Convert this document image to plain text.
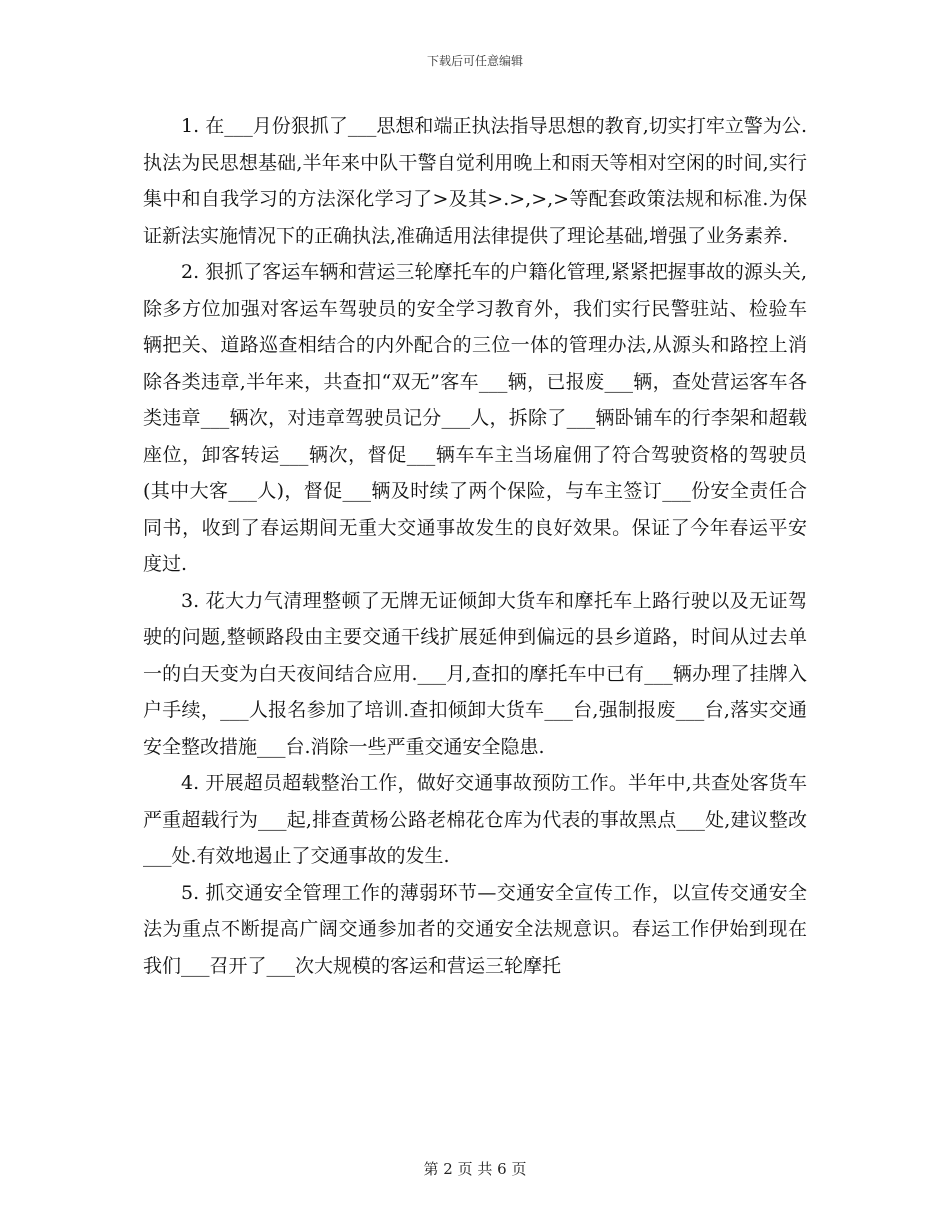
下载后可任意编辑

1. 在___月份狠抓了___思想和端正执法指导思想的教育,切实打牢立警为公.执法为民思想基础,半年来中队干警自觉利用晚上和雨天等相对空闲的时间,实行集中和自我学习的方法深化学习了>及其>.>,>,>等配套政策法规和标准.为保证新法实施情况下的正确执法,准确适用法律提供了理论基础,增强了业务素养.

2. 狠抓了客运车辆和营运三轮摩托车的户籍化管理,紧紧把握事故的源头关,除多方位加强对客运车驾驶员的安全学习教育外，我们实行民警驻站、检验车辆把关、道路巡查相结合的内外配合的三位一体的管理办法,从源头和路控上消除各类违章,半年来，共查扣“双无”客车___辆，已报废___辆，查处营运客车各类违章___辆次，对违章驾驶员记分___人，拆除了___辆卧铺车的行李架和超载座位，卸客转运___辆次，督促___辆车车主当场雇佣了符合驾驶资格的驾驶员(其中大客___人)，督促___辆及时续了两个保险，与车主签订___份安全责任合同书，收到了春运期间无重大交通事故发生的良好效果。保证了今年春运平安度过.

3. 花大力气清理整顿了无牌无证倾卸大货车和摩托车上路行驶以及无证驾驶的问题,整顿路段由主要交通干线扩展延伸到偏远的县乡道路，时间从过去单一的白天变为白天夜间结合应用.___月,查扣的摩托车中已有___辆办理了挂牌入户手续，___人报名参加了培训.查扣倾卸大货车___台,强制报废___台,落实交通安全整改措施___台.消除一些严重交通安全隐患.

4. 开展超员超载整治工作，做好交通事故预防工作。半年中,共查处客货车严重超载行为___起,排查黄杨公路老棉花仓库为代表的事故黑点___处,建议整改___处.有效地遏止了交通事故的发生.

5. 抓交通安全管理工作的薄弱环节—交通安全宣传工作，以宣传交通安全法为重点不断提高广阔交通参加者的交通安全法规意识。春运工作伊始到现在我们___召开了___次大规模的客运和营运三轮摩托

第 2 页 共 6 页
